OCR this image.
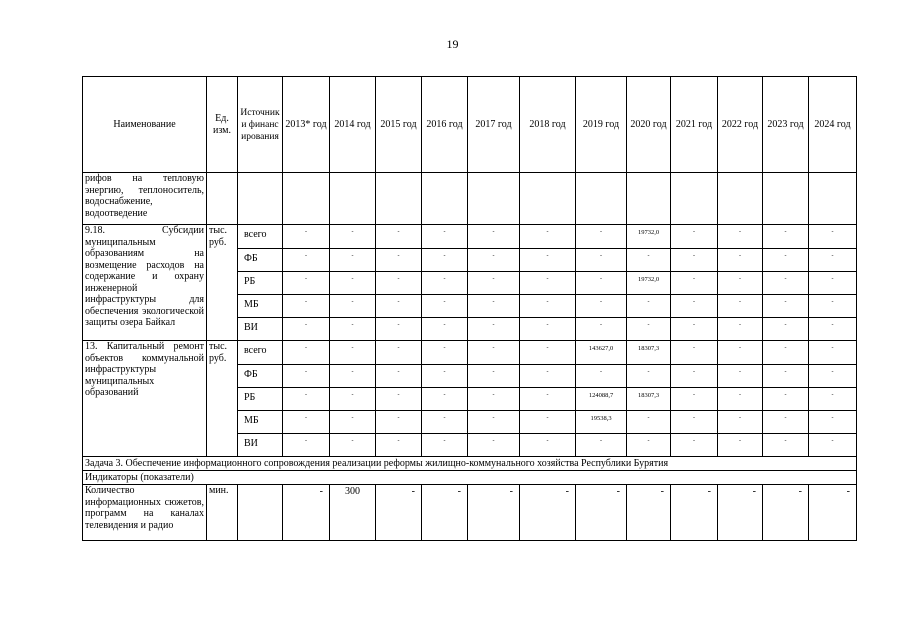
19
Наименование	Ед. изм.	Источники финансирования	2013* год	2014 год	2015 год	2016 год	2017 год	2018 год	2019 год	2020 год	2021 год	2022 год	2023 год	2024 год
рифов на тепловую энергию, теплоноситель, водоснабжение, водоотведение														
9.18. Субсидии муниципальным образованиям на возмещение расходов на содержание и охрану инженерной инфраструктуры для обеспечения экологической защиты озера Байкал	тыс. руб.	всего	-	-	-	-	-	-	-	19732,0	-	-	-	-
		ФБ	-	-	-	-	-	-	-	-	-	-	-	-
		РБ	-	-	-	-	-	-	-	19732,0	-	-	-	-
		МБ	-	-	-	-	-	-	-	-	-	-	-	-
		ВИ	-	-	-	-	-	-	-	-	-	-	-	-
13. Капитальный ремонт объектов коммунальной инфраструктуры муниципальных образований	тыс. руб.	всего	-	-	-	-	-	-	143627,0	18307,3	-	-	-	-
		ФБ	-	-	-	-	-	-	-	-	-	-	-	-
		РБ	-	-	-	-	-	-	124088,7	18307,3	-	-	-	-
		МБ	-	-	-	-	-	-	19538,3	-	-	-	-	-
		ВИ	-	-	-	-	-	-	-	-	-	-	-	-
Задача 3. Обеспечение информационного сопровождения реализации реформы жилищно-коммунального хозяйства Республики Бурятия														
Индикаторы (показатели)														
Количество информационных сюжетов, программ на каналах телевидения и радио	мин.		-	300	-	-	-	-	-	-	-	-	-	-
